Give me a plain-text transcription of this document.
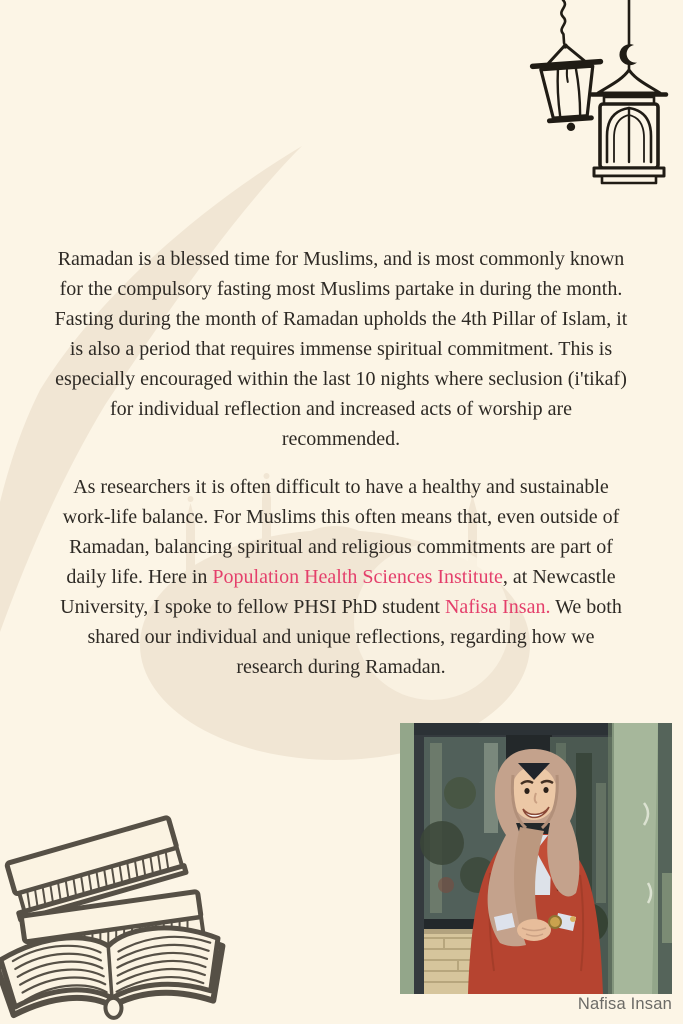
Ramadan is a blessed time for Muslims, and is most commonly known for the compulsory fasting most Muslims partake in during the month. Fasting during the month of Ramadan upholds the 4th Pillar of Islam, it is also a period that requires immense spiritual commitment. This is especially encouraged within the last 10 nights where seclusion (i'tikaf) for individual reflection and increased acts of worship are recommended.

As researchers it is often difficult to have a healthy and sustainable work-life balance. For Muslims this often means that, even outside of Ramadan, balancing spiritual and religious commitments are part of daily life. Here in Population Health Sciences Institute, at Newcastle University, I spoke to fellow PHSI PhD student Nafisa Insan. We both shared our individual and unique reflections, regarding how we research during Ramadan.

Nafisa Insan
